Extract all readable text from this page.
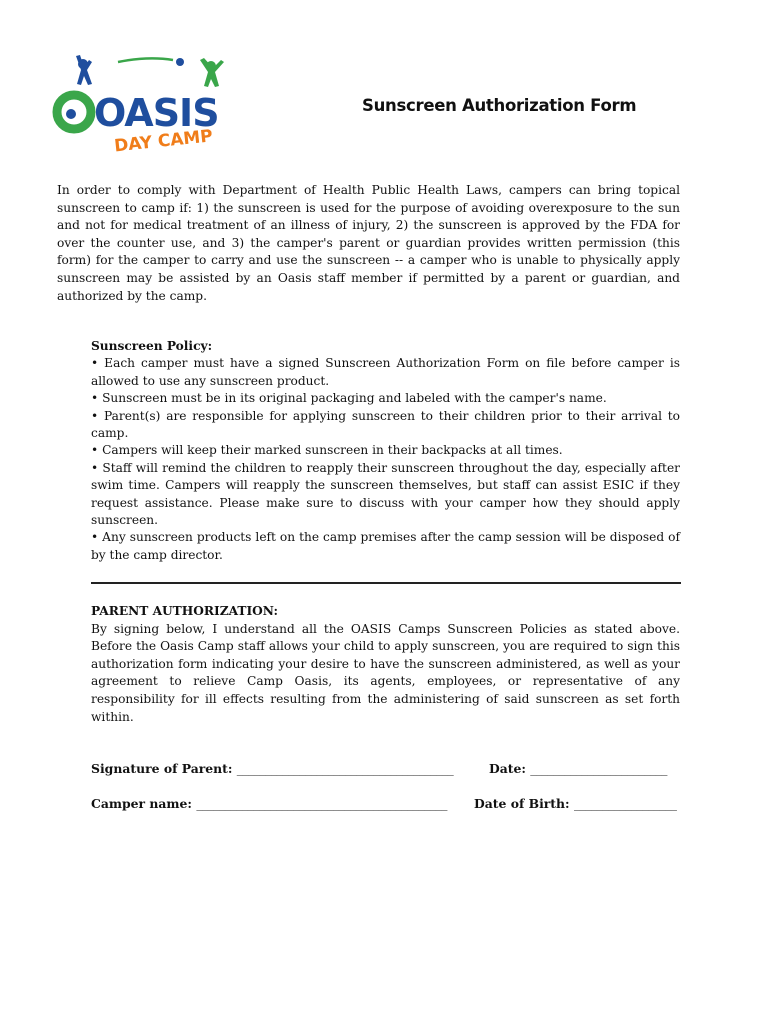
OASIS
DAY CAMP
Sunscreen Authorization Form

In order to comply with Department of Health Public Health Laws, campers can bring topical sunscreen to camp if: 1) the sunscreen is used for the purpose of avoiding overexposure to the sun and not for medical treatment of an illness of injury, 2) the sunscreen is approved by the FDA for over the counter use, and 3) the camper's parent or guardian provides written permission (this form) for the camper to carry and use the sunscreen -- a camper who is unable to physically apply sunscreen may be assisted by an Oasis staff member if permitted by a parent or guardian, and authorized by the camp.

Sunscreen Policy:

• Each camper must have a signed Sunscreen Authorization Form on file before camper is allowed to use any sunscreen product.

• Sunscreen must be in its original packaging and labeled with the camper's name.

• Parent(s) are responsible for applying sunscreen to their children prior to their arrival to camp.

• Campers will keep their marked sunscreen in their backpacks at all times.

• Staff will remind the children to reapply their sunscreen throughout the day, especially after swim time. Campers will reapply the sunscreen themselves, but staff can assist ESIC if they request assistance. Please make sure to discuss with your camper how they should apply sunscreen.

• Any sunscreen products left on the camp premises after the camp session will be disposed of by the camp director.

PARENT AUTHORIZATION:

By signing below, I understand all the OASIS Camps Sunscreen Policies as stated above. Before the Oasis Camp staff allows your child to apply sunscreen, you are required to sign this authorization form indicating your desire to have the sunscreen administered, as well as your agreement to relieve Camp Oasis, its agents, employees, or representative of any responsibility for ill effects resulting from the administering of said sunscreen as set forth within.

Signature of Parent: ______________________________________	Date: ________________________
Camper name: ____________________________________________ Date of Birth: __________________
